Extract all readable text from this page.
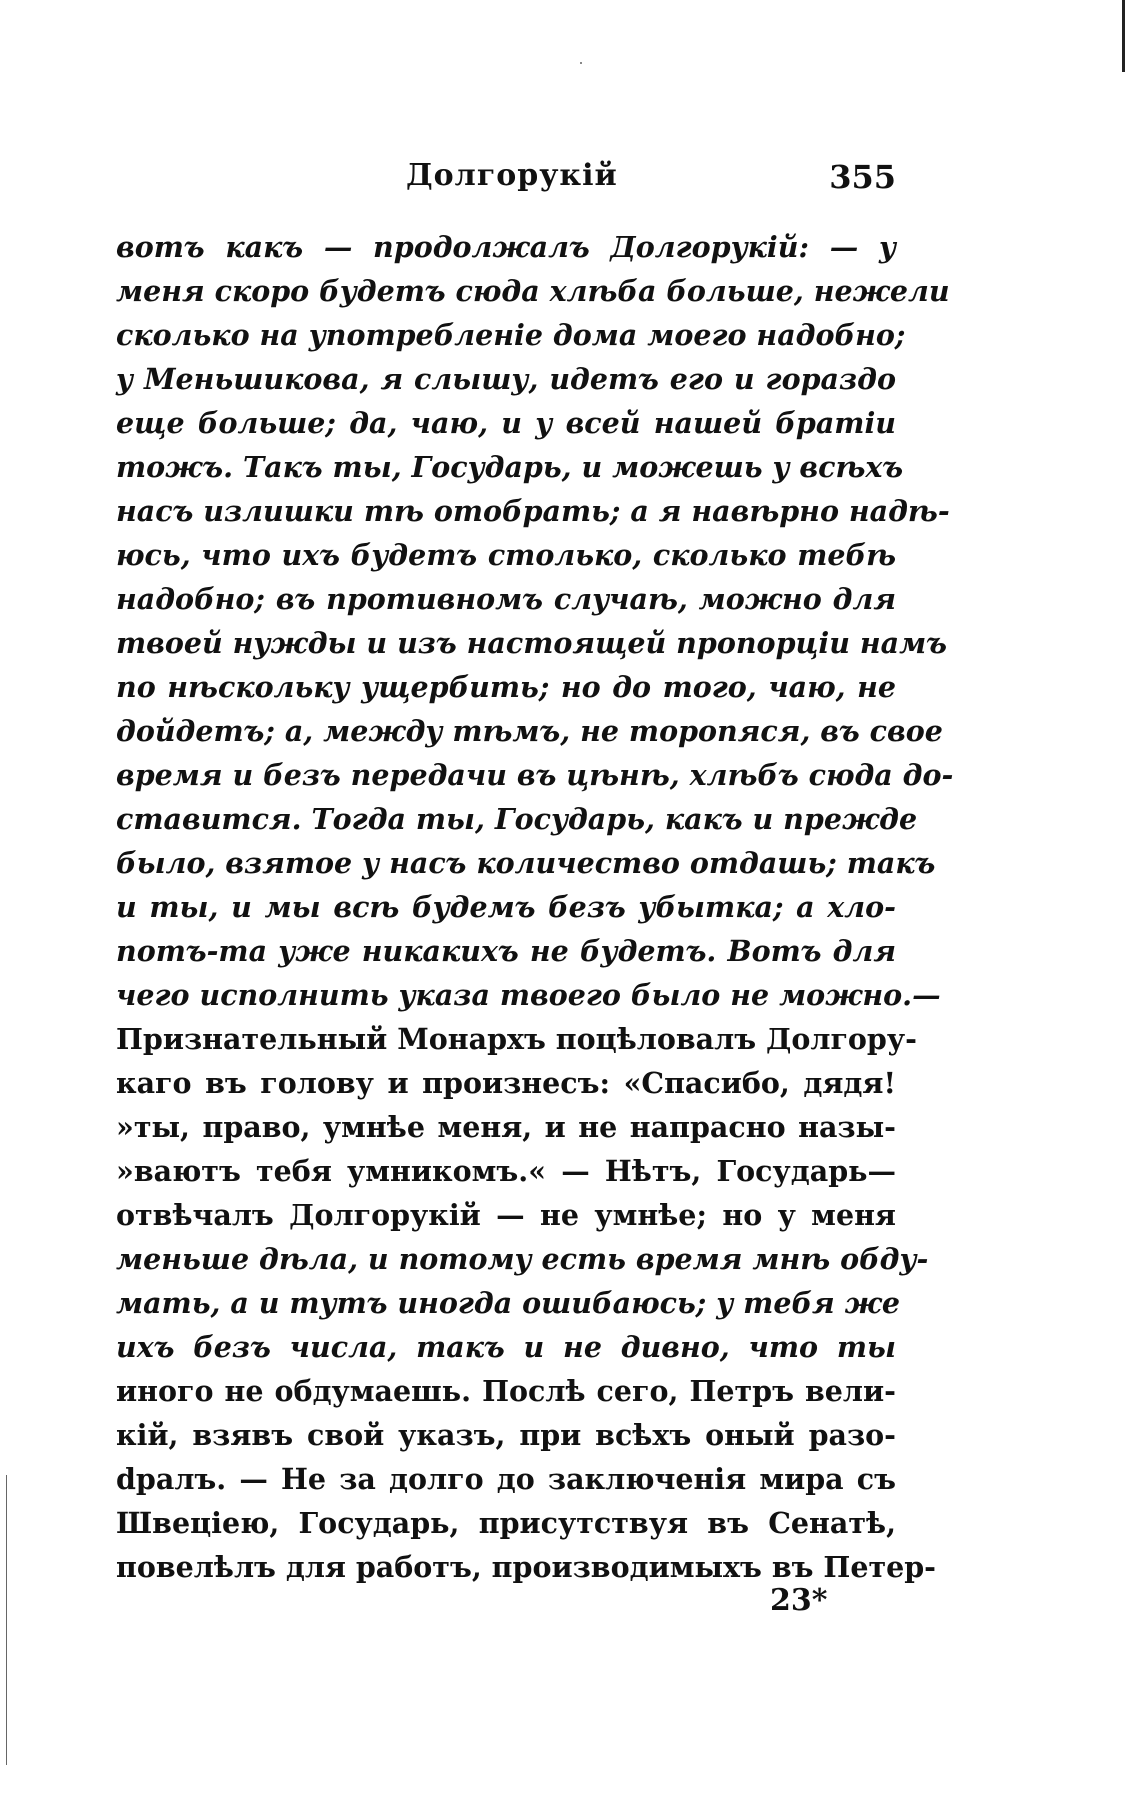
Долгорукій	355
вотъ какъ — продолжалъ Долгорукій: — у
меня скоро будетъ сюда хлѣба больше, нежели
сколько на употребленіе дома моего надобно;
у Меньшикова, я слышу, идетъ его и гораздо
еще больше; да, чаю, и у всей нашей братіи
тожъ. Такъ ты, Государь, и можешь у всѣхъ
насъ излишки тѣ отобрать; а я навѣрно надѣ-
юсь, что ихъ будетъ столько, сколько тебѣ
надобно; въ противномъ случаѣ, можно для
твоей нужды и изъ настоящей пропорціи намъ
по нѣскольку ущербить; но до того, чаю, не
дойдетъ; а, между тѣмъ, не торопяся, въ свое
время и безъ передачи въ цѣнѣ, хлѣбъ сюда до-
ставится. Тогда ты, Государь, какъ и прежде
было, взятое у насъ количество отдашь; такъ
и ты, и мы всѣ будемъ безъ убытка; а хло-
потъ-та уже никакихъ не будетъ. Вотъ для
чего исполнить указа твоего было не можно.—
Признательный Монархъ поцѣловалъ Долгору-
каго въ голову и произнесъ: «Спасибо, дядя!
»ты, право, умнѣе меня, и не напрасно назы-
»ваютъ тебя умникомъ.« — Нѣтъ, Государь—
отвѣчалъ Долгорукій — не умнѣе; но у меня
меньше дѣла, и потому есть время мнѣ обду-
мать, а и тутъ иногда ошибаюсь; у тебя же
ихъ безъ числа, такъ и не дивно, что ты
иного не обдумаешь. Послѣ сего, Петръ вели-
кій, взявъ свой указъ, при всѣхъ оный разо-
dралъ. — Не за долго до заключенія мира съ
Швеціею, Государь, присутствуя въ Сенатѣ,
повелѣлъ для работъ, производимыхъ въ Петер-
23*
